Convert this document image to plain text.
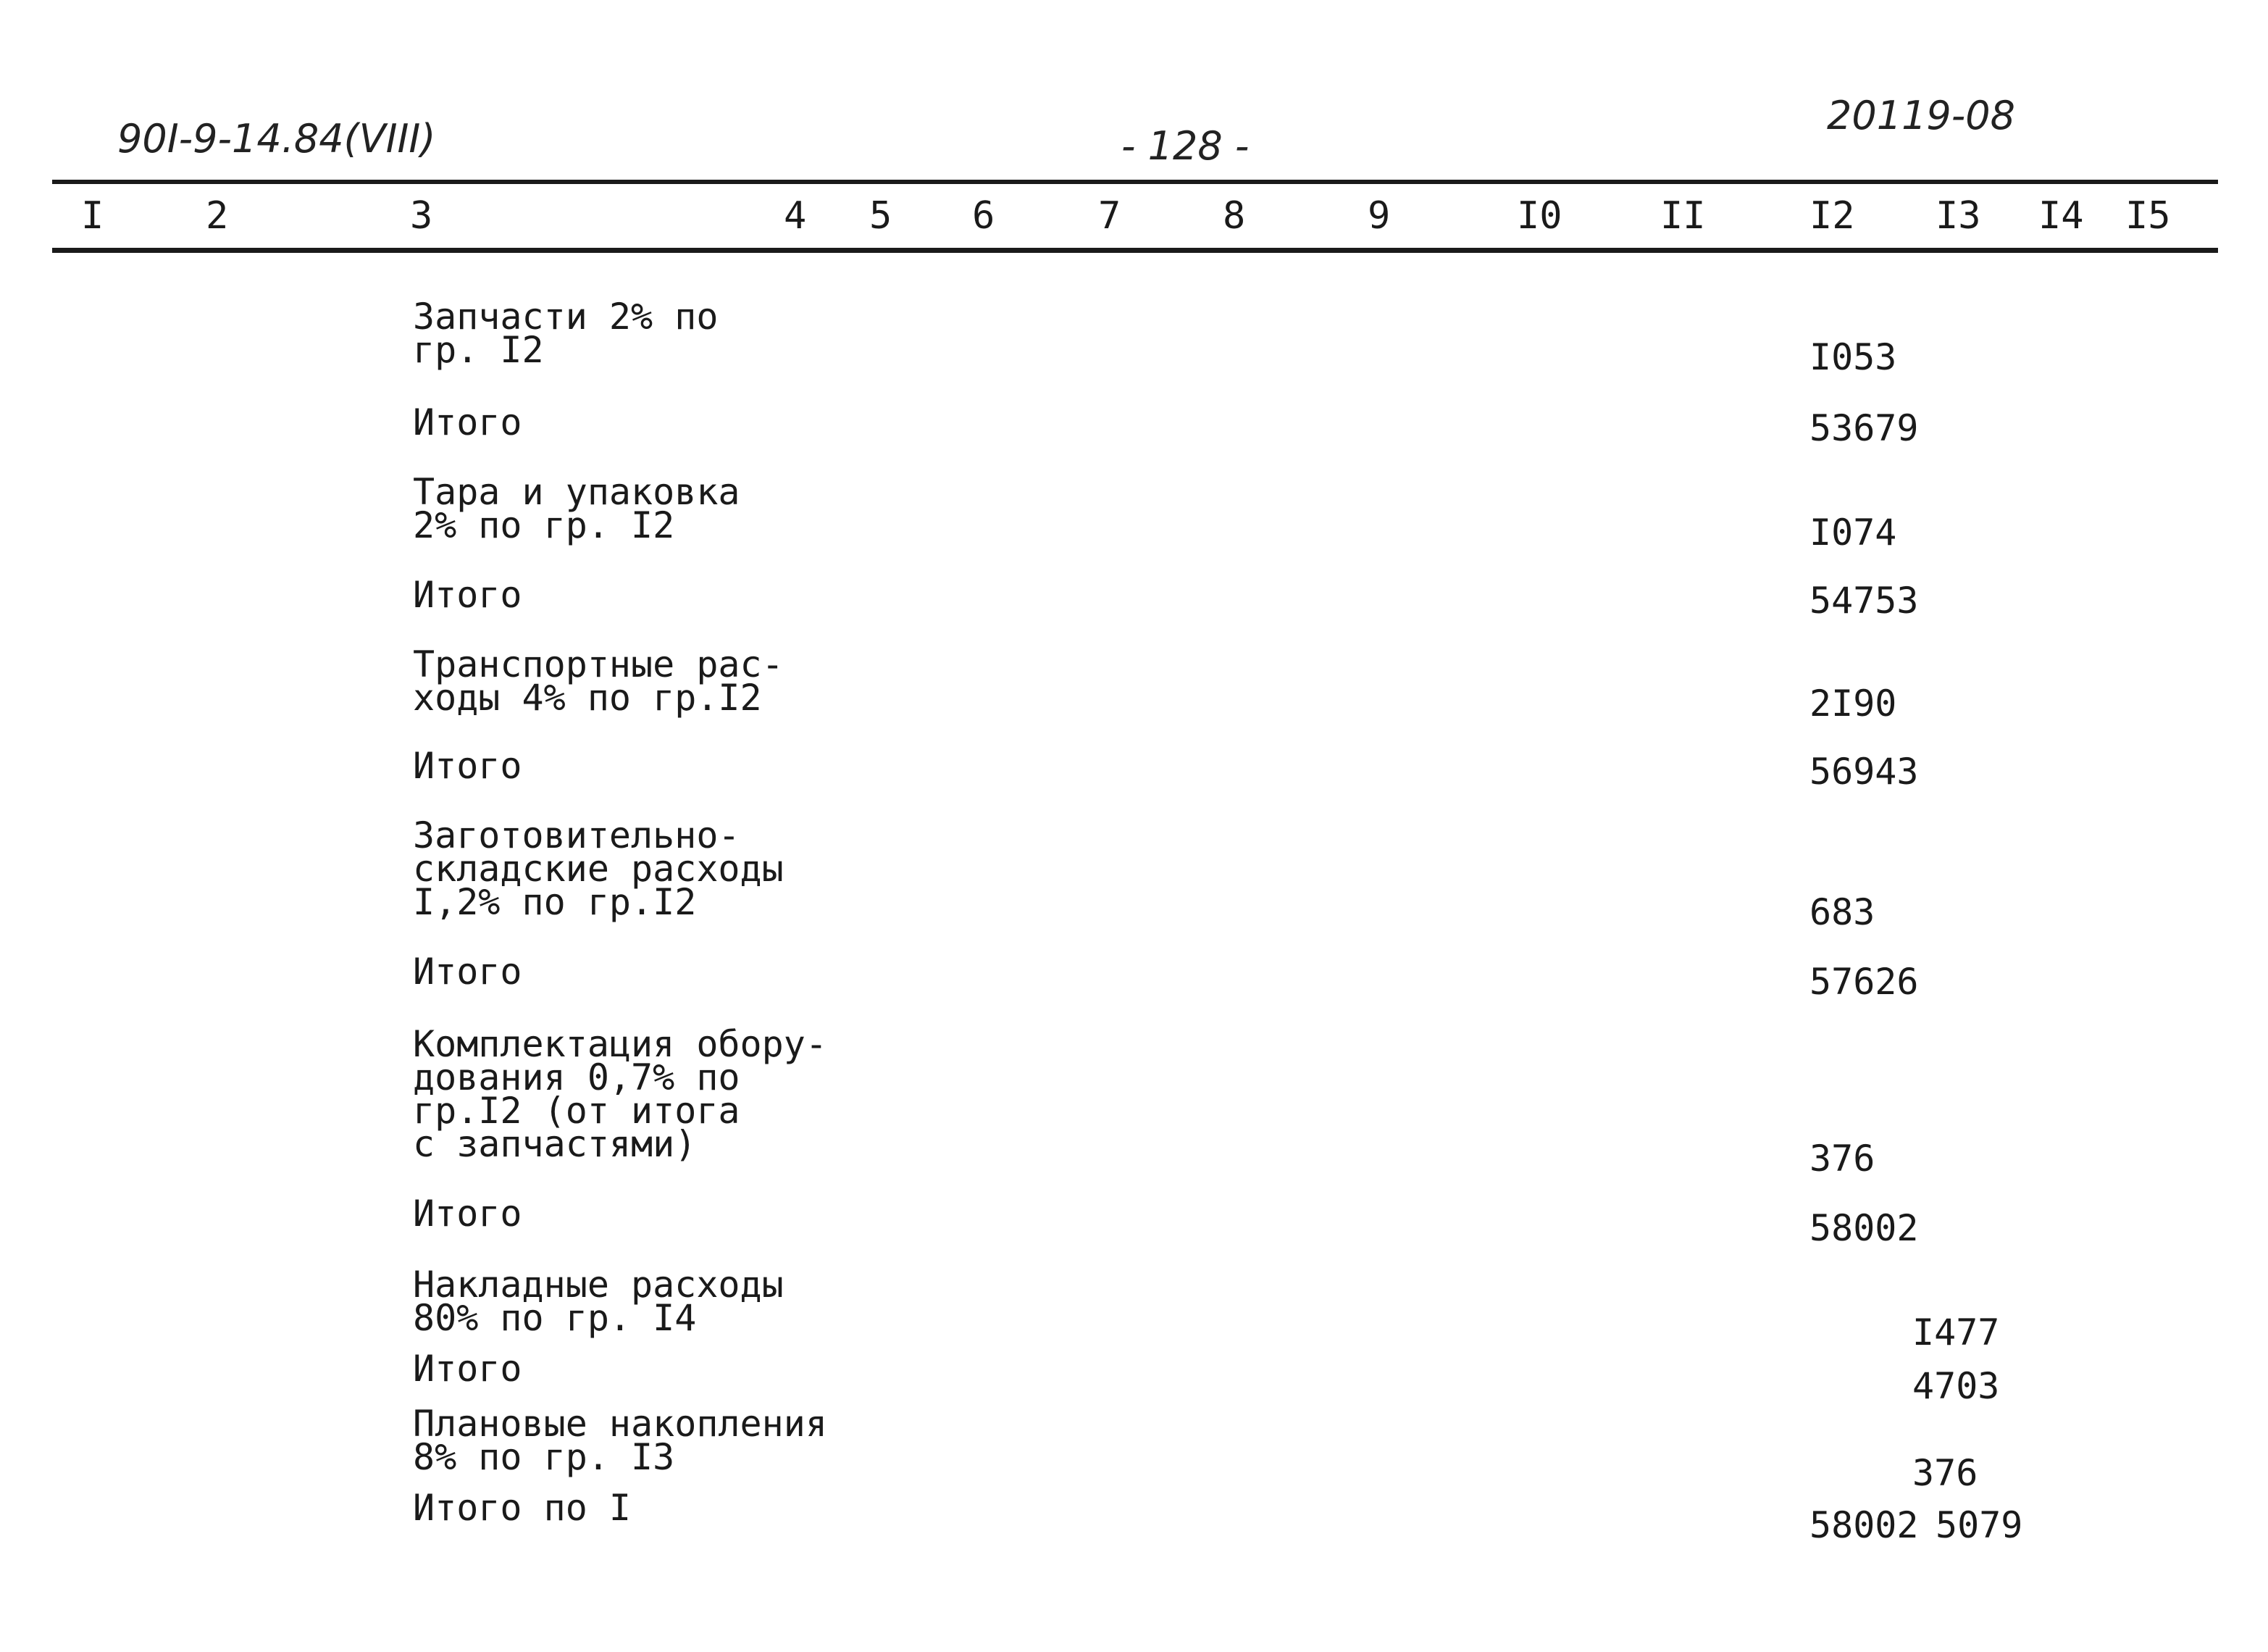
90I-9-14.84(VIII)	- 128 -
20119-08
I	2	3	4 5 6	7	8	9	I0	II	I2 I3 I4 I5
Запчасти 2% по
гр. I2	I053
Итого	53679
Тара и упаковка
2% по гр. I2	I074
Итого	54753
Транспортные рас-
ходы 4% по гр.I2	2I90
Итого	56943
Заготовительно-
складские расходы
I,2% по гр.I2	683
Итого	57626
Комплектация обору-
дования 0,7% по
гр.I2 (от итога
с запчастями)	376
Итого	58002
Накладные расходы
80% по гр. I4	I477
Итого	4703
Плановые накопления
8% по гр. I3	376
Итого по I	58002 5079
